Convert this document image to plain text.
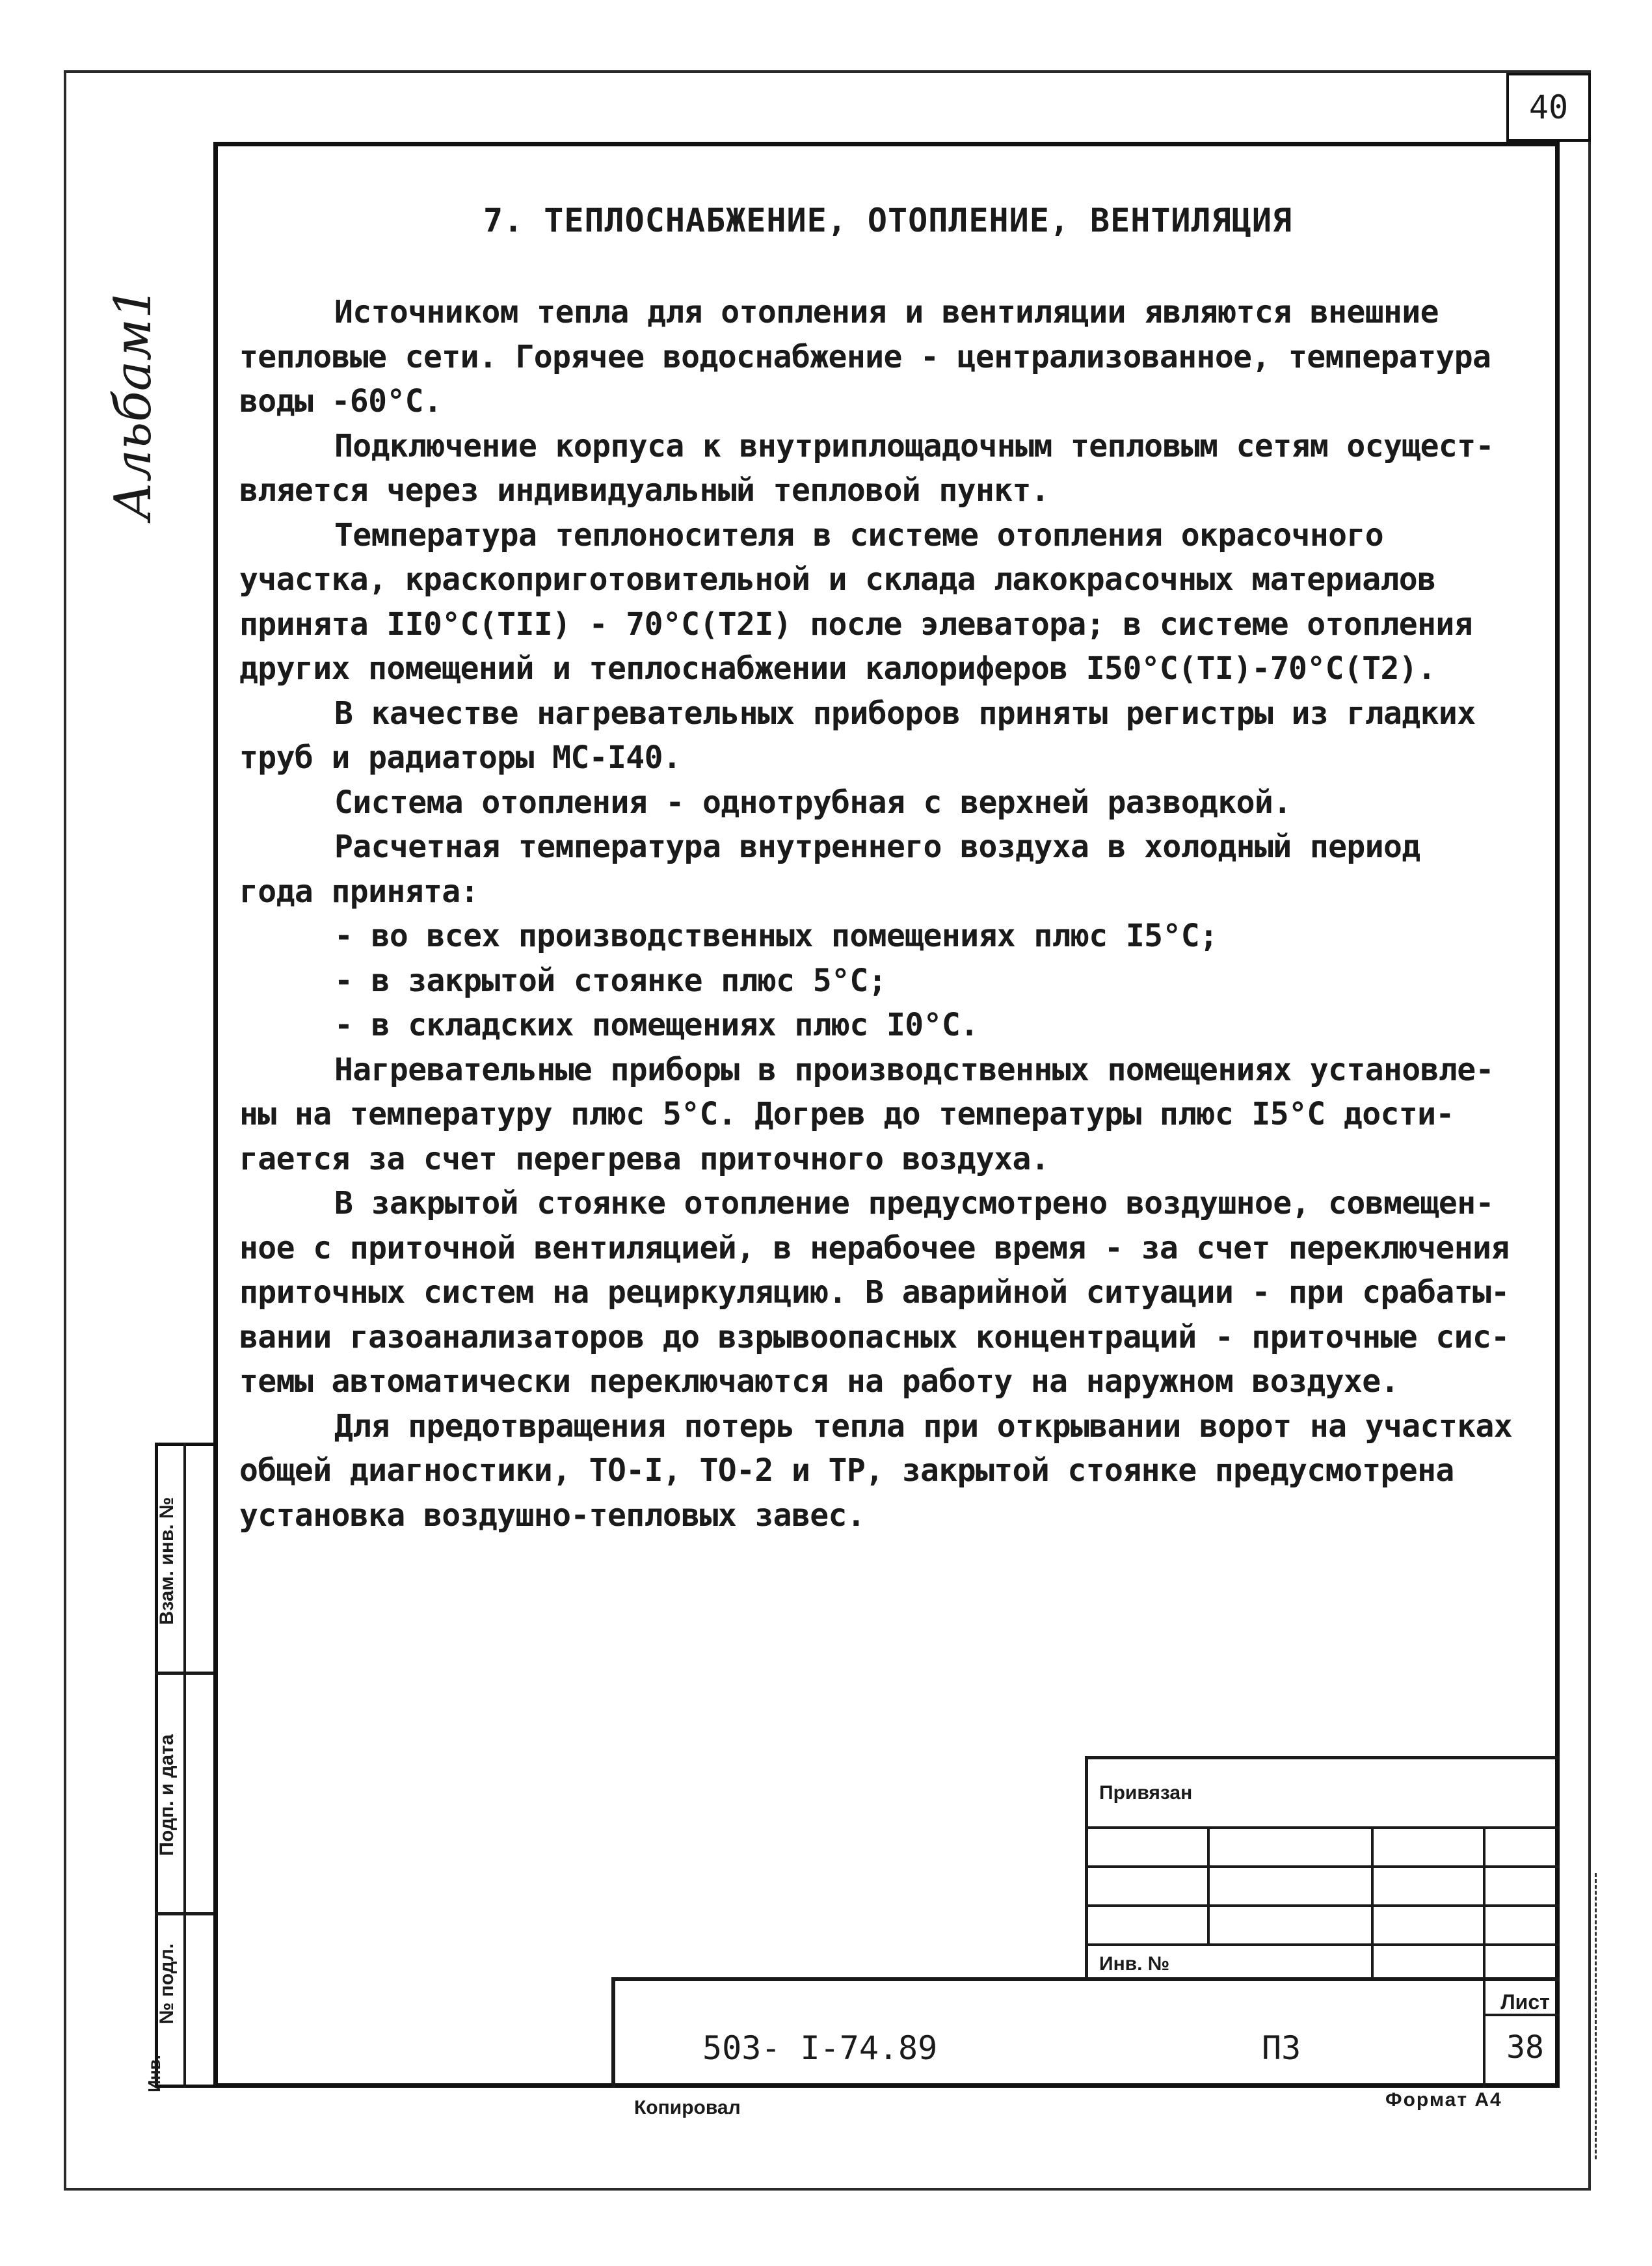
40
Альбам1
7. ТЕПЛОСНАБЖЕНИЕ, ОТОПЛЕНИЕ, ВЕНТИЛЯЦИЯ

Источником тепла для отопления и вентиляции являются внешние

тепловые сети. Горячее водоснабжение - централизованное, температура

воды -60°С.

Подключение корпуса к внутриплощадочным тепловым сетям осущест-

вляется через индивидуальный тепловой пункт.

Температура теплоносителя в системе отопления окрасочного

участка, краскоприготовительной и склада лакокрасочных материалов

принята II0°С(TII) - 70°С(Т2I) после элеватора; в системе отопления

других помещений и теплоснабжении калориферов I50°С(ТI)-70°С(Т2).

В качестве нагревательных приборов приняты регистры из гладких

труб и радиаторы МС-I40.

Система отопления - однотрубная с верхней разводкой.

Расчетная температура внутреннего воздуха в холодный период

года принята:

- во всех производственных помещениях плюс I5°С;

- в закрытой стоянке плюс 5°С;

- в складских помещениях плюс I0°С.

Нагревательные приборы в производственных помещениях установле-

ны на температуру плюс 5°С. Догрев до температуры плюс I5°С дости-

гается за счет перегрева приточного воздуха.

В закрытой стоянке отопление предусмотрено воздушное, совмещен-

ное с приточной вентиляцией, в нерабочее время - за счет переключения

приточных систем на рециркуляцию. В аварийной ситуации - при срабаты-

вании газоанализаторов до взрывоопасных концентраций - приточные сис-

темы автоматически переключаются на работу на наружном воздухе.

Для предотвращения потерь тепла при открывании ворот на участках

общей диагностики, ТО-I, ТО-2 и ТР, закрытой стоянке предусмотрена

установка воздушно-тепловых завес.

Взам. инв. №
Подп. и дата
№ подл.
Инв.
Привязан
Инв. №
Лист
503- I-74.89	ПЗ	38
Копировал	Формат А4
